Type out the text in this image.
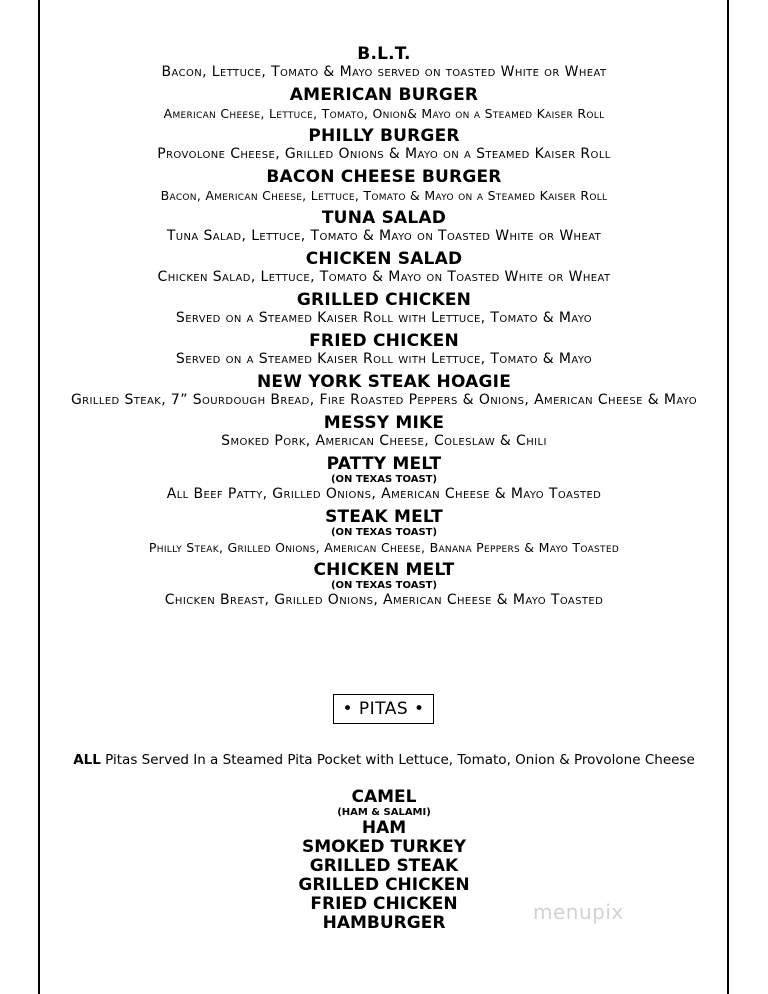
B.L.T.
Bacon, Lettuce, Tomato & Mayo served on toasted White or Wheat
AMERICAN BURGER
American Cheese, Lettuce, Tomato, Onion& Mayo on a Steamed Kaiser Roll
PHILLY BURGER
Provolone Cheese, Grilled Onions & Mayo on a Steamed Kaiser Roll
BACON CHEESE BURGER
Bacon, American Cheese, Lettuce, Tomato & Mayo on a Steamed Kaiser Roll
TUNA SALAD
Tuna Salad, Lettuce, Tomato & Mayo on Toasted White or Wheat
CHICKEN SALAD
Chicken Salad, Lettuce, Tomato & Mayo on Toasted White or Wheat
GRILLED CHICKEN
Served on a Steamed Kaiser Roll with Lettuce, Tomato & Mayo
FRIED CHICKEN
Served on a Steamed Kaiser Roll with Lettuce, Tomato & Mayo
NEW YORK STEAK HOAGIE
Grilled Steak, 7” Sourdough Bread, Fire Roasted Peppers & Onions, American Cheese & Mayo
MESSY MIKE
Smoked Pork, American Cheese, Coleslaw & Chili
PATTY MELT
(ON TEXAS TOAST)
All Beef Patty, Grilled Onions, American Cheese & Mayo Toasted
STEAK MELT
(ON TEXAS TOAST)
Philly Steak, Grilled Onions, American Cheese, Banana Peppers & Mayo Toasted
CHICKEN MELT
(ON TEXAS TOAST)
Chicken Breast, Grilled Onions, American Cheese & Mayo Toasted
• PITAS •
ALL Pitas Served In a Steamed Pita Pocket with Lettuce, Tomato, Onion & Provolone Cheese
CAMEL
(HAM & SALAMI)
HAM
SMOKED TURKEY
GRILLED STEAK
GRILLED CHICKEN
FRIED CHICKEN
HAMBURGER	menupix
